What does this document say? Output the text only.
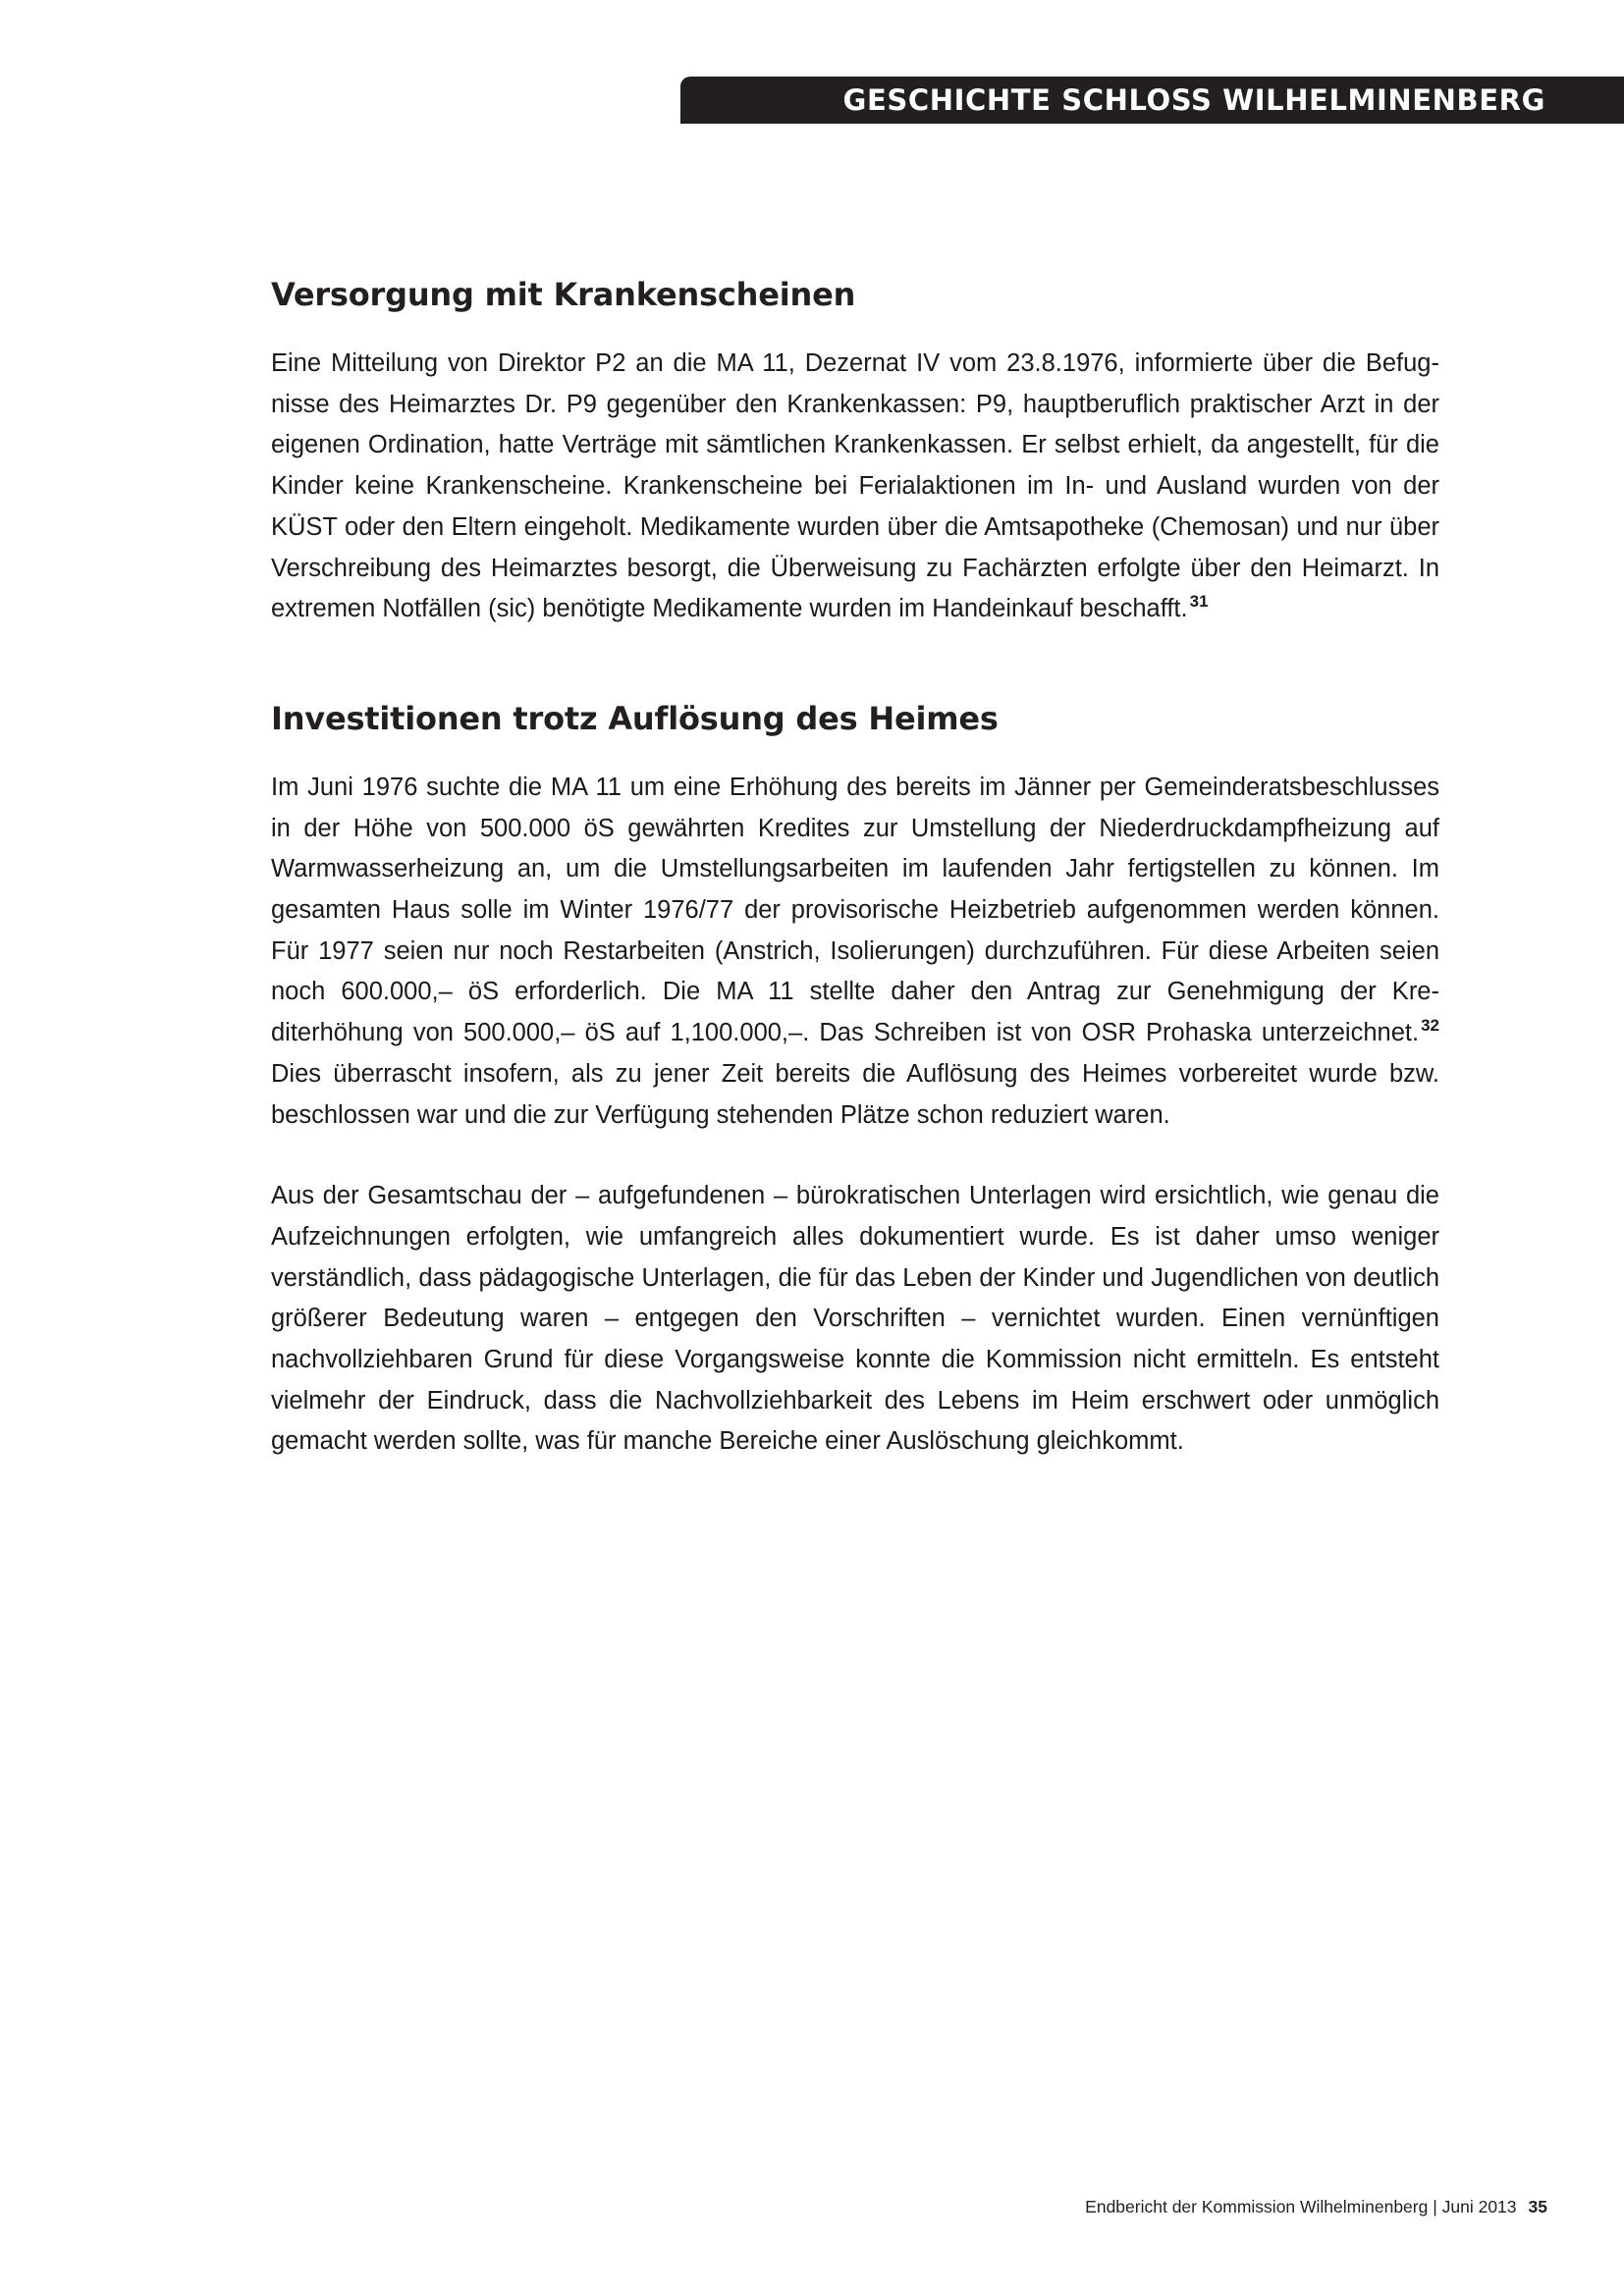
GESCHICHTE SCHLOSS WILHELMINENBERG
Versorgung mit Krankenscheinen

Eine Mitteilung von Direktor P2 an die MA 11, Dezernat IV vom 23.8.1976, informierte über die Befugnisse des Heimarztes Dr. P9 gegenüber den Krankenkassen: P9, hauptberuflich praktischer Arzt in der eigenen Ordination, hatte Verträge mit sämtlichen Krankenkassen. Er selbst erhielt, da angestellt, für die Kinder keine Krankenscheine. Krankenscheine bei Ferialaktionen im In- und Ausland wurden von der KÜST oder den Eltern eingeholt. Medikamente wurden über die Amtsapotheke (Chemosan) und nur über Verschreibung des Heimarztes besorgt, die Überweisung zu Fachärzten erfolgte über den Heimarzt. In extremen Notfällen (sic) benötigte Medikamente wurden im Handeinkauf beschafft. $^{31}$

Investitionen trotz Auflösung des Heimes

Im Juni 1976 suchte die MA 11 um eine Erhöhung des bereits im Jänner per Gemeinderatsbeschlusses in der Höhe von 500.000 öS gewährten Kredites zur Umstellung der Niederdruckdampfheizung auf Warmwasserheizung an, um die Umstellungsarbeiten im laufenden Jahr fertigstellen zu können. Im gesamten Haus solle im Winter 1976/77 der provisorische Heizbetrieb aufgenommen werden können. Für 1977 seien nur noch Restarbeiten (Anstrich, Isolierungen) durchzuführen. Für diese Arbeiten seien noch 600.000,– öS erforderlich. Die MA 11 stellte daher den Antrag zur Genehmigung der Krediterhöhung von 500.000,– öS auf 1,100.000,–. Das Schreiben ist von OSR Prohaska unterzeichnet. $^{32}$ Dies überrascht insofern, als zu jener Zeit bereits die Auflösung des Heimes vorbereitet wurde bzw. beschlossen war und die zur Verfügung stehenden Plätze schon reduziert waren.

Aus der Gesamtschau der – aufgefundenen – bürokratischen Unterlagen wird ersichtlich, wie genau die Aufzeichnungen erfolgten, wie umfangreich alles dokumentiert wurde. Es ist daher umso weniger verständlich, dass pädagogische Unterlagen, die für das Leben der Kinder und Jugendlichen von deutlich größerer Bedeutung waren – entgegen den Vorschriften – vernichtet wurden. Einen vernünftigen nachvollziehbaren Grund für diese Vorgangsweise konnte die Kommission nicht ermitteln. Es entsteht vielmehr der Eindruck, dass die Nachvollziehbarkeit des Lebens im Heim erschwert oder unmöglich gemacht werden sollte, was für manche Bereiche einer Auslöschung gleichkommt.

Endbericht der Kommission Wilhelminenberg | Juni 2013 35
